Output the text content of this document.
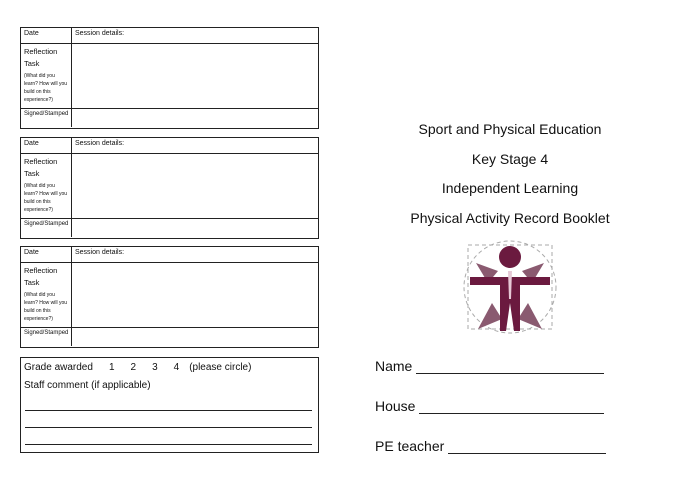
Date	Session details:
Reflection
Task
(What did you learn? How will you build on this experience?)
Signed/Stamped
Date	Session details:
Reflection
Task
(What did you learn? How will you build on this experience?)
Signed/Stamped
Date	Session details:
Reflection
Task
(What did you learn? How will you build on this experience?)
Signed/Stamped
Grade awarded 1 2 3 4 (please circle)
Staff comment (if applicable)
Sport and Physical Education
Key Stage 4
Independent Learning
Physical Activity Record Booklet
Name
House
PE teacher
